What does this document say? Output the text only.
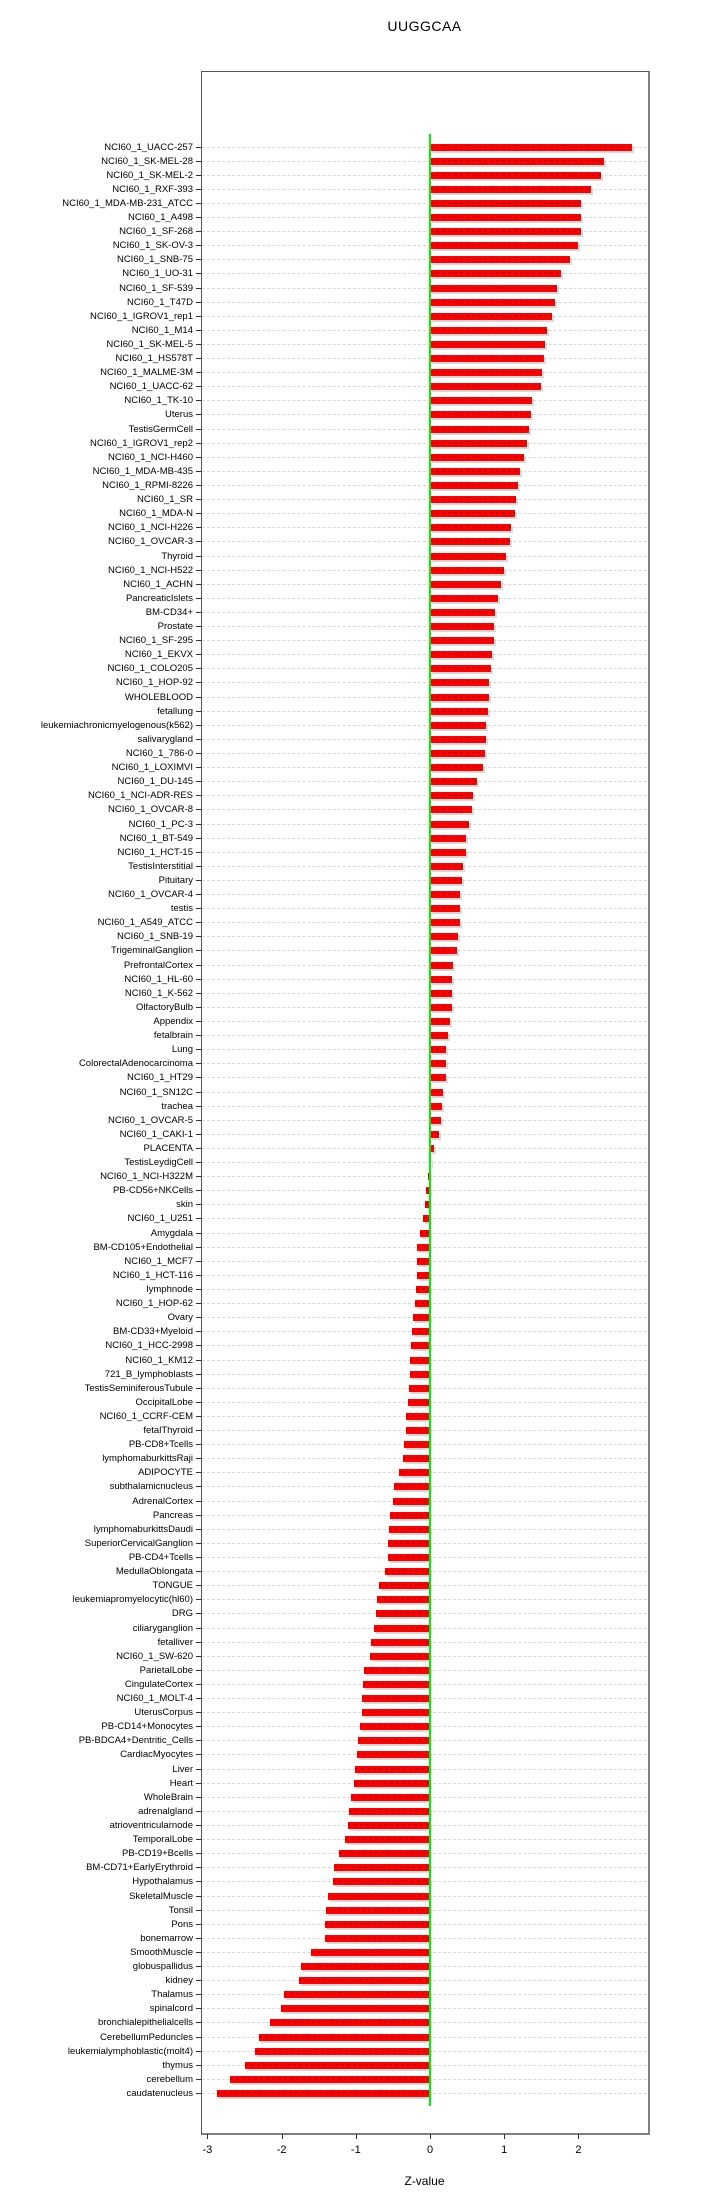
UUGGCAA
NCI60_1_UACC-257
NCI60_1_SK-MEL-28
NCI60_1_SK-MEL-2
NCI60_1_RXF-393
NCI60_1_MDA-MB-231_ATCC
NCI60_1_A498
NCI60_1_SF-268
NCI60_1_SK-OV-3
NCI60_1_SNB-75
NCI60_1_UO-31
NCI60_1_SF-539
NCI60_1_T47D
NCI60_1_IGROV1_rep1
NCI60_1_M14
NCI60_1_SK-MEL-5
NCI60_1_HS578T
NCI60_1_MALME-3M
NCI60_1_UACC-62
NCI60_1_TK-10
Uterus
TestisGermCell
NCI60_1_IGROV1_rep2
NCI60_1_NCI-H460
NCI60_1_MDA-MB-435
NCI60_1_RPMI-8226
NCI60_1_SR
NCI60_1_MDA-N
NCI60_1_NCI-H226
NCI60_1_OVCAR-3
Thyroid
NCI60_1_NCI-H522
NCI60_1_ACHN
PancreaticIslets
BM-CD34+
Prostate
NCI60_1_SF-295
NCI60_1_EKVX
NCI60_1_COLO205
NCI60_1_HOP-92
WHOLEBLOOD
fetallung
leukemiachronicmyelogenous(k562)
salivarygland
NCI60_1_786-0
NCI60_1_LOXIMVI
NCI60_1_DU-145
NCI60_1_NCI-ADR-RES
NCI60_1_OVCAR-8
NCI60_1_PC-3
NCI60_1_BT-549
NCI60_1_HCT-15
TestisInterstitial
Pituitary
NCI60_1_OVCAR-4
testis
NCI60_1_A549_ATCC
NCI60_1_SNB-19
TrigeminalGanglion
PrefrontalCortex
NCI60_1_HL-60
NCI60_1_K-562
OlfactoryBulb
Appendix
fetalbrain
Lung
ColorectalAdenocarcinoma
NCI60_1_HT29
NCI60_1_SN12C
trachea
NCI60_1_OVCAR-5
NCI60_1_CAKI-1
PLACENTA
TestisLeydigCell
NCI60_1_NCI-H322M
PB-CD56+NKCells
skin
NCI60_1_U251
Amygdala
BM-CD105+Endothelial
NCI60_1_MCF7
NCI60_1_HCT-116
lymphnode
NCI60_1_HOP-62
Ovary
BM-CD33+Myeloid
NCI60_1_HCC-2998
NCI60_1_KM12
721_B_lymphoblasts
TestisSeminiferousTubule
OccipitalLobe
NCI60_1_CCRF-CEM
fetalThyroid
PB-CD8+Tcells
lymphomaburkittsRaji
ADIPOCYTE
subthalamicnucleus
AdrenalCortex
Pancreas
lymphomaburkittsDaudi
SuperiorCervicalGanglion
PB-CD4+Tcells
MedullaOblongata
TONGUE
leukemiapromyelocytic(hl60)
DRG
ciliaryganglion
fetalliver
NCI60_1_SW-620
ParietalLobe
CingulateCortex
NCI60_1_MOLT-4
UterusCorpus
PB-CD14+Monocytes
PB-BDCA4+Dentritic_Cells
CardiacMyocytes
Liver
Heart
WholeBrain
adrenalgland
atrioventricularnode
TemporalLobe
PB-CD19+Bcells
BM-CD71+EarlyErythroid
Hypothalamus
SkeletalMuscle
Tonsil
Pons
bonemarrow
SmoothMuscle
globuspallidus
kidney
Thalamus
spinalcord
bronchialepithelialcells
CerebellumPeduncles
leukemialymphoblastic(molt4)
thymus
cerebellum
caudatenucleus
-3	-2	-1	0	1	2
Z-value
